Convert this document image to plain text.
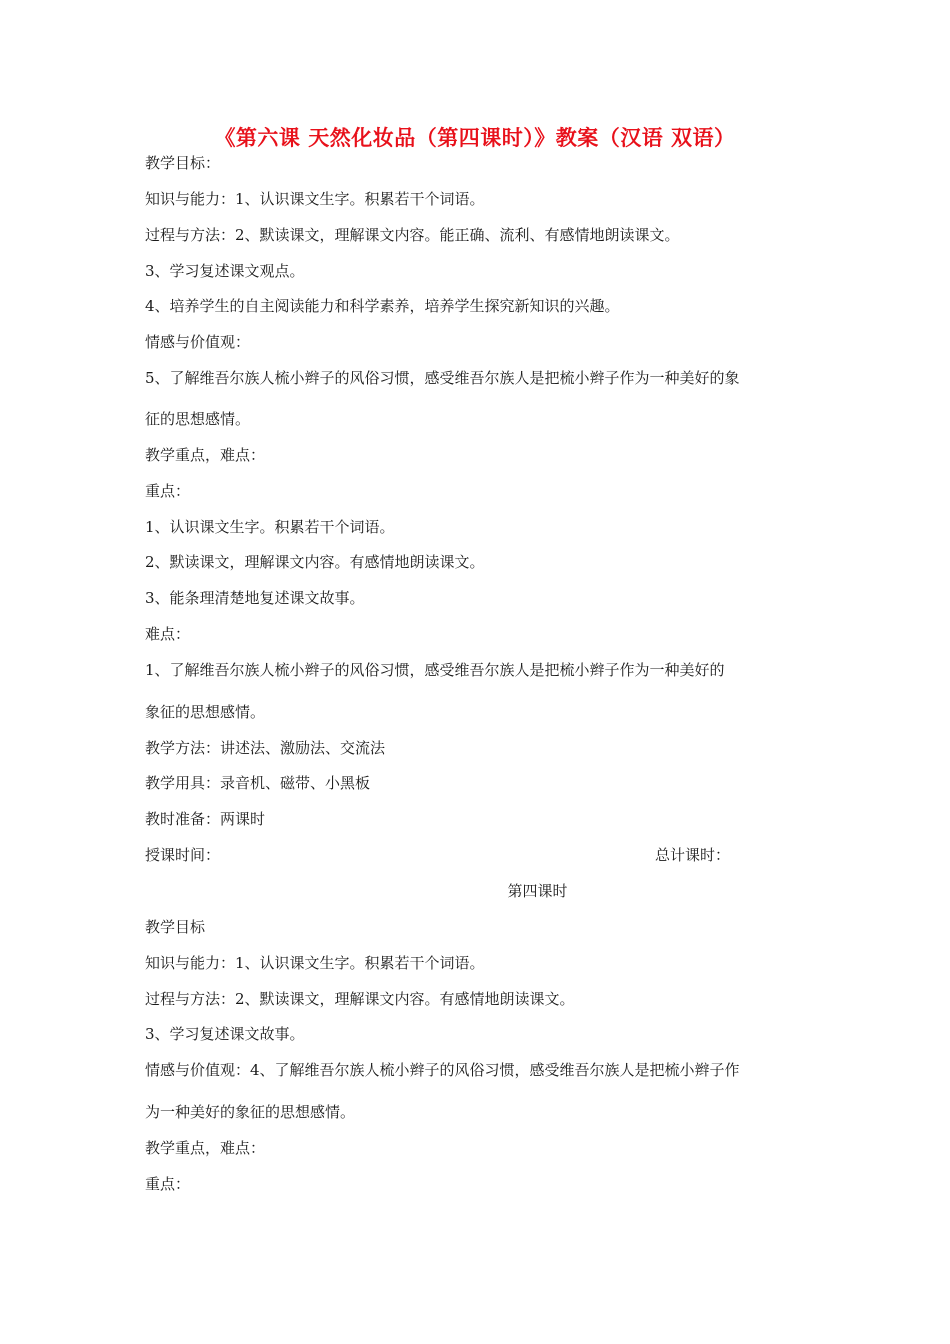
《第六课 天然化妆品（第四课时）》教案（汉语 双语）
教学目标：
知识与能力：1、认识课文生字。积累若干个词语。
过程与方法：2、默读课文，理解课文内容。能正确、流利、有感情地朗读课文。
3、学习复述课文观点。
4、培养学生的自主阅读能力和科学素养，培养学生探究新知识的兴趣。
情感与价值观：
5、了解维吾尔族人梳小辫子的风俗习惯，感受维吾尔族人是把梳小辫子作为一种美好的象
征的思想感情。
教学重点，难点：
重点：
1、认识课文生字。积累若干个词语。
2、默读课文，理解课文内容。有感情地朗读课文。
3、能条理清楚地复述课文故事。
难点：
1、了解维吾尔族人梳小辫子的风俗习惯，感受维吾尔族人是把梳小辫子作为一种美好的
象征的思想感情。
教学方法：讲述法、激励法、交流法
教学用具：录音机、磁带、小黑板
教时准备：两课时
授课时间：	总计课时：
第四课时
教学目标
知识与能力：1、认识课文生字。积累若干个词语。
过程与方法：2、默读课文，理解课文内容。有感情地朗读课文。
3、学习复述课文故事。
情感与价值观：4、了解维吾尔族人梳小辫子的风俗习惯，感受维吾尔族人是把梳小辫子作
为一种美好的象征的思想感情。
教学重点，难点：
重点：
